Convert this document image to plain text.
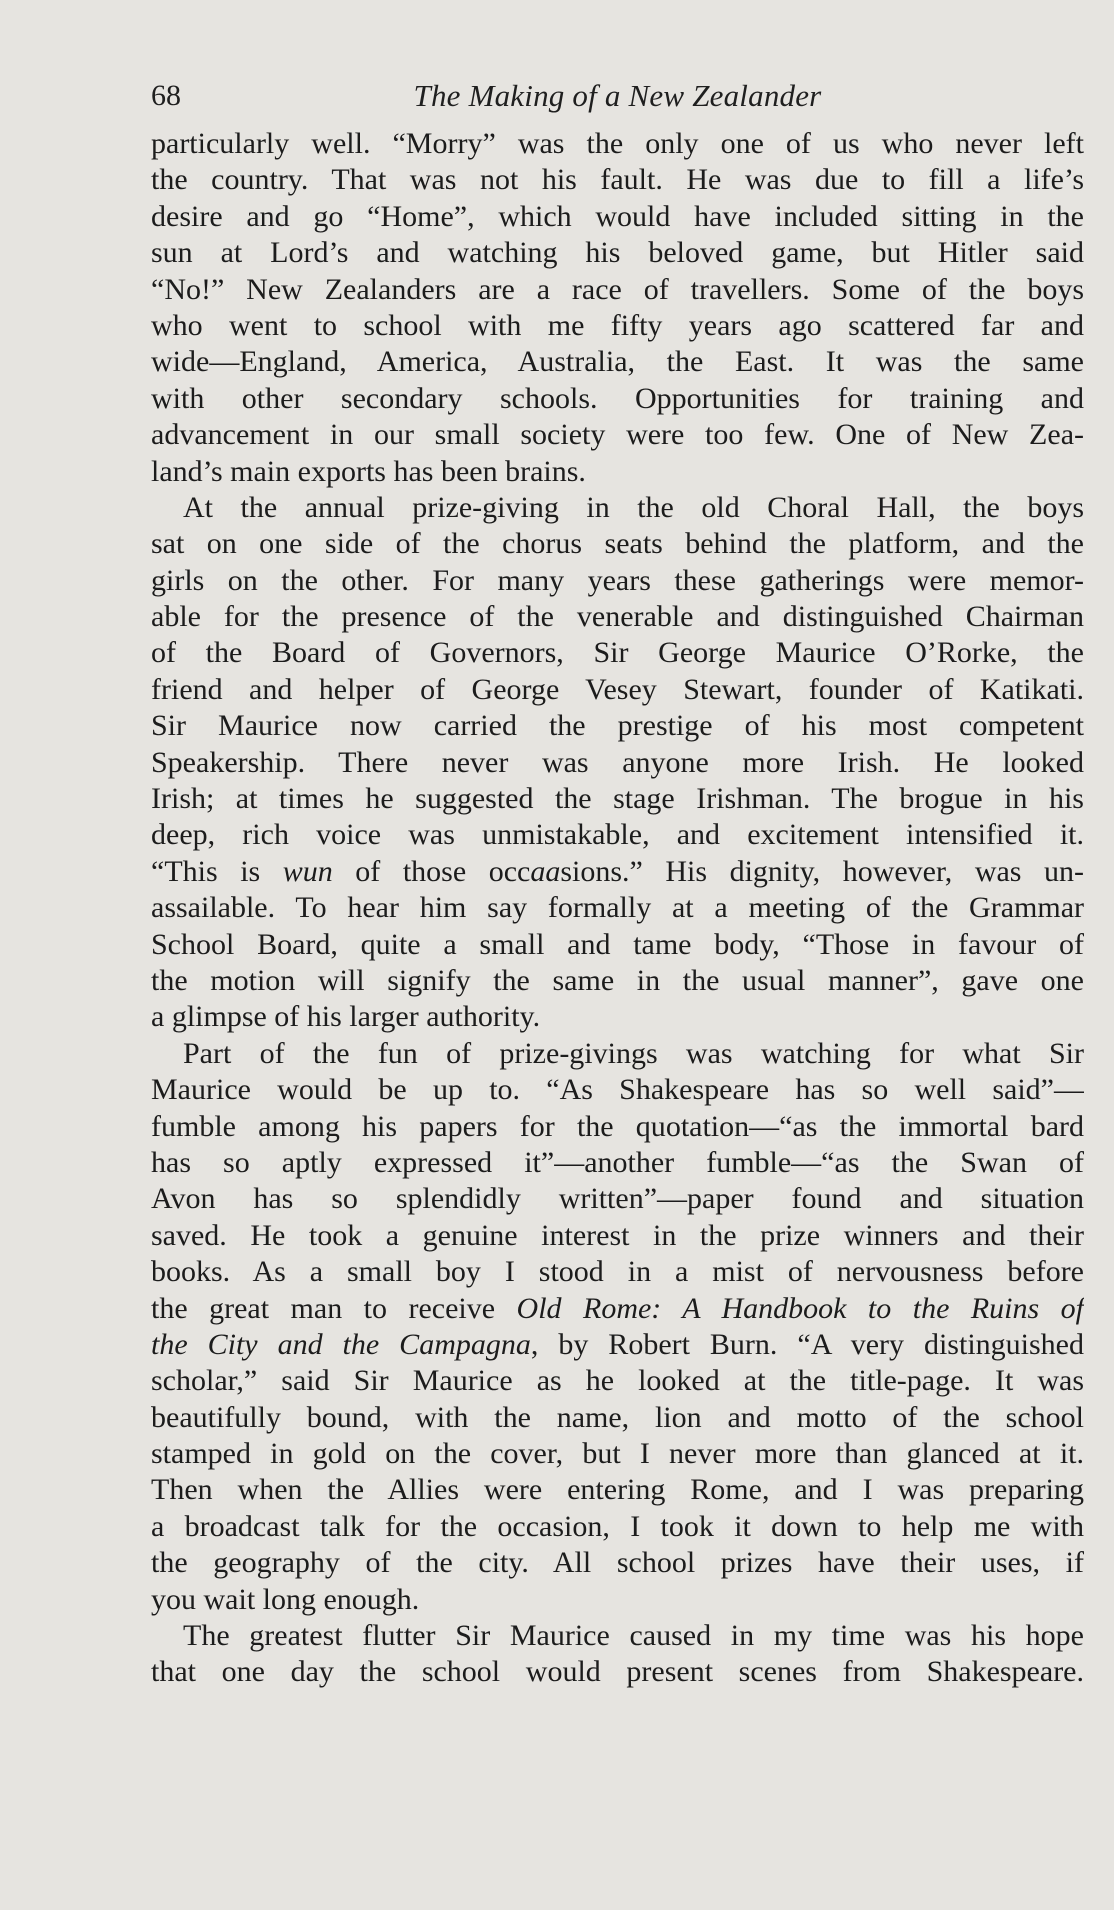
68	The Making of a New Zealander
particularly well. “Morry” was the only one of us who never left
the country. That was not his fault. He was due to fill a life’s
desire and go “Home”, which would have included sitting in the
sun at Lord’s and watching his beloved game, but Hitler said
“No!” New Zealanders are a race of travellers. Some of the boys
who went to school with me fifty years ago scattered far and
wide—England, America, Australia, the East. It was the same
with other secondary schools. Opportunities for training and
advancement in our small society were too few. One of New Zea-
land’s main exports has been brains.
At the annual prize-giving in the old Choral Hall, the boys
sat on one side of the chorus seats behind the platform, and the
girls on the other. For many years these gatherings were memor-
able for the presence of the venerable and distinguished Chairman
of the Board of Governors, Sir George Maurice O’Rorke, the
friend and helper of George Vesey Stewart, founder of Katikati.
Sir Maurice now carried the prestige of his most competent
Speakership. There never was anyone more Irish. He looked
Irish; at times he suggested the stage Irishman. The brogue in his
deep, rich voice was unmistakable, and excitement intensified it.
“This is wun of those occaasions.” His dignity, however, was un-
assailable. To hear him say formally at a meeting of the Grammar
School Board, quite a small and tame body, “Those in favour of
the motion will signify the same in the usual manner”, gave one
a glimpse of his larger authority.
Part of the fun of prize-givings was watching for what Sir
Maurice would be up to. “As Shakespeare has so well said”—
fumble among his papers for the quotation—“as the immortal bard
has so aptly expressed it”—another fumble—“as the Swan of
Avon has so splendidly written”—paper found and situation
saved. He took a genuine interest in the prize winners and their
books. As a small boy I stood in a mist of nervousness before
the great man to receive Old Rome: A Handbook to the Ruins of
the City and the Campagna, by Robert Burn. “A very distinguished
scholar,” said Sir Maurice as he looked at the title-page. It was
beautifully bound, with the name, lion and motto of the school
stamped in gold on the cover, but I never more than glanced at it.
Then when the Allies were entering Rome, and I was preparing
a broadcast talk for the occasion, I took it down to help me with
the geography of the city. All school prizes have their uses, if
you wait long enough.
The greatest flutter Sir Maurice caused in my time was his hope
that one day the school would present scenes from Shakespeare.
